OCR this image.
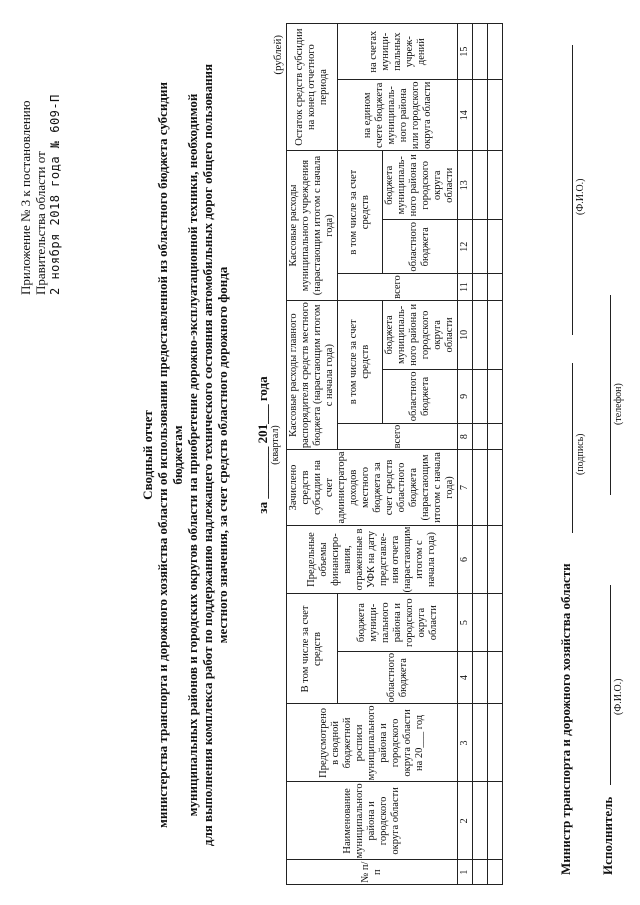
Приложение № 3 к постановлению Правительства области от 2 ноября 2018 года № 609-П
Сводный отчет министерства транспорта и дорожного хозяйства области об использовании предоставленной из областного бюджета субсидии бюджетам муниципальных районов и городских округов области на приобретение дорожно-эксплуатационной техники, необходимой для выполнения комплекса работ по поддержанию надлежащего технического состояния автомобильных дорог общего пользования местного значения, за счет средств областного дорожного фонда за ________ 201___ года (квартал)
(рублей)
№ п/п	Наименование муниципального района и городского округа области	Предусмотрено в сводной бюджетной росписи муниципального района и городского округа области на 20___ год	В том числе за счет средств		Предельные объемы финансиро-вания, отраженные в УФК на дату представле-ния отчета (нарастающим итогом с начала года)	Зачислено средств субсидии на счет администратора доходов местного бюджета за счет средств областного бюджета (нарастающим итогом с начала года)	Кассовые расходы главного распорядителя средств местного бюджета (нарастающим итогом с начала года)			Кассовые расходы муниципального учреждения (нарастающим итогом с начала года)			Остаток средств субсидии на конец отчетного периода	
			областного бюджета	бюджета муници-пального района и городского округа области			всего	в том числе за счет средств		всего	в том числе за счет средств		на едином счете бюджета муниципаль-ного района или городского округа области	на счетах муници-пальных учреж-дений
								областного бюджета	бюджета муниципаль-ного района и городского округа области		областного бюджета	бюджета муниципаль-ного района и городского округа области		
1	2	3	4	5	6	7	8	9	10	11	12	13	14	15

Министр транспорта и дорожного хозяйства области
(подпись)
(Ф.И.О.)
Исполнитель
(Ф.И.О.)
(телефон)
